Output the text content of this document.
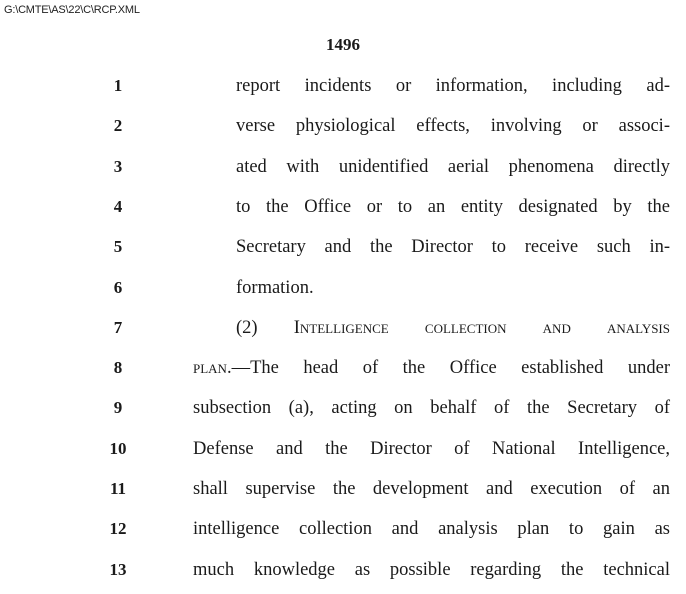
G:\CMTE\AS\22\C\RCP.XML
1496
1	report incidents or information, including ad-
2	verse physiological effects, involving or associ-
3	ated with unidentified aerial phenomena directly
4	to the Office or to an entity designated by the
5	Secretary and the Director to receive such in-
6	formation.
7	(2) Intelligence collection and analysis
8	plan.—The head of the Office established under
9	subsection (a), acting on behalf of the Secretary of
10	Defense and the Director of National Intelligence,
11	shall supervise the development and execution of an
12	intelligence collection and analysis plan to gain as
13	much knowledge as possible regarding the technical
